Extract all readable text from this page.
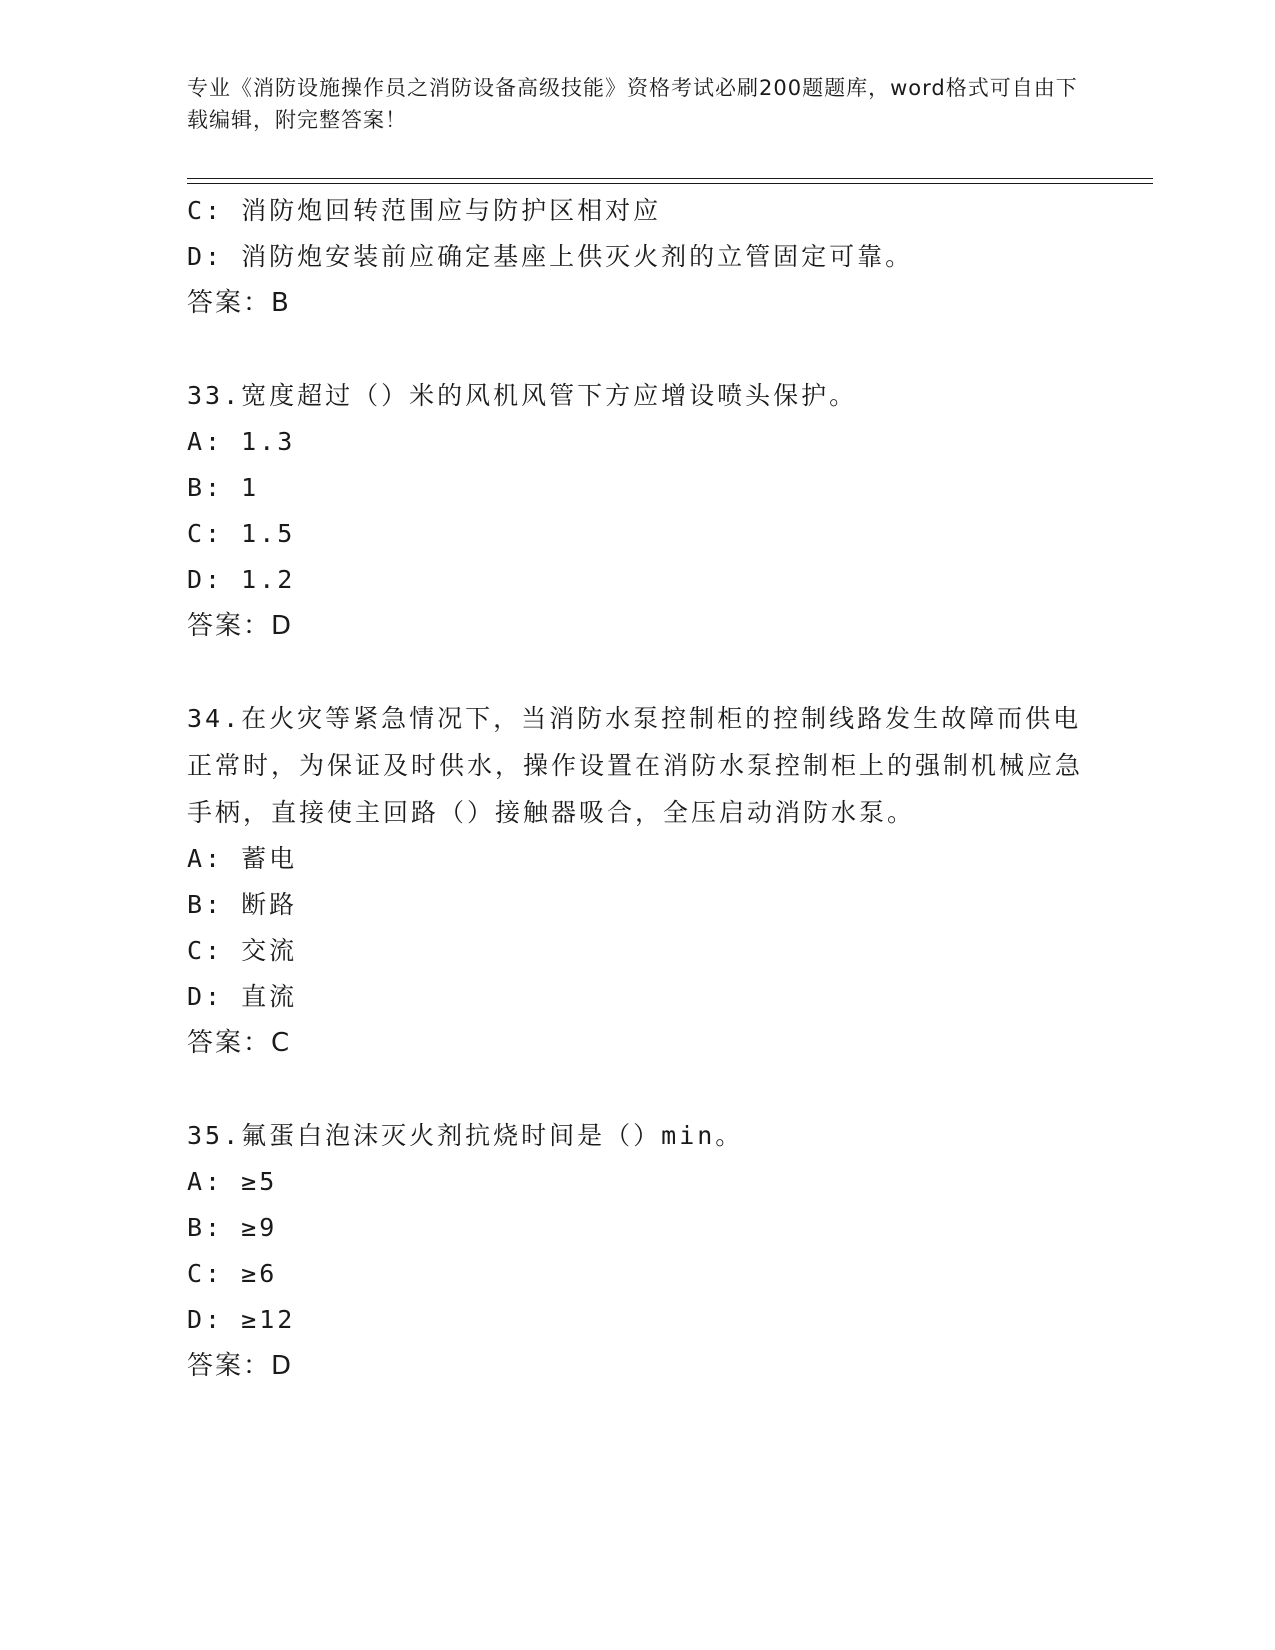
专业《消防设施操作员之消防设备高级技能》资格考试必刷200题题库，word格式可自由下载编辑，附完整答案！
C: 消防炮回转范围应与防护区相对应
D: 消防炮安装前应确定基座上供灭火剂的立管固定可靠。
答案：B
33.宽度超过（）米的风机风管下方应增设喷头保护。
A: 1.3
B: 1
C: 1.5
D: 1.2
答案：D
34.在火灾等紧急情况下，当消防水泵控制柜的控制线路发生故障而供电正常时，为保证及时供水，操作设置在消防水泵控制柜上的强制机械应急手柄，直接使主回路（）接触器吸合，全压启动消防水泵。
A: 蓄电
B: 断路
C: 交流
D: 直流
答案：C
35.氟蛋白泡沫灭火剂抗烧时间是（）min。
A: ≥5
B: ≥9
C: ≥6
D: ≥12
答案：D
